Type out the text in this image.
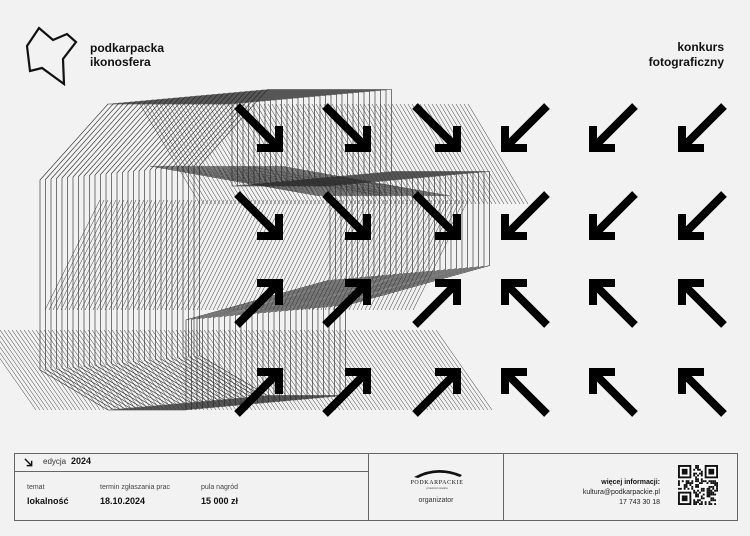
podkarpacka
ikonosfera
konkurs
fotograficzny
edycja 2024
temat
lokalność
termin zgłaszania prac
18.10.2024
pula nagród
15 000 zł
PODKARPACKIE
przestrzeń otwarta
organizator
więcej informacji:
kultura@podkarpackie.pl
17 743 30 18
